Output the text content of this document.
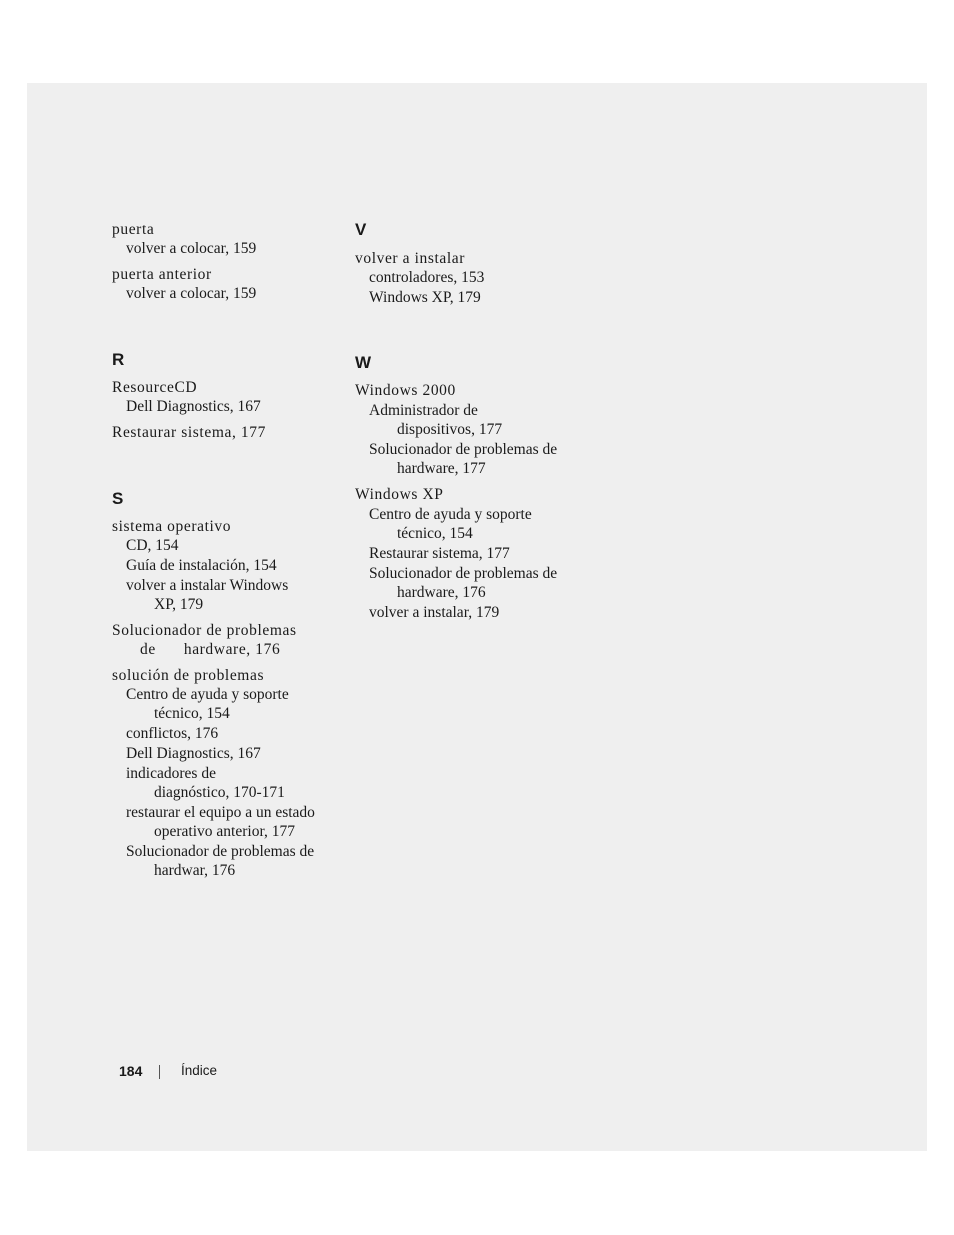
puerta

volver a colocar, 159

puerta anterior

volver a colocar, 159

R

ResourceCD

Dell Diagnostics, 167

Restaurar sistema, 177

S

sistema operativo

CD, 154

Guía de instalación, 154

volver a instalar Windows
XP, 179

Solucionador de problemas de hardware, 176

solución de problemas

Centro de ayuda y soporte
técnico, 154

conflictos, 176

Dell Diagnostics, 167

indicadores de
diagnóstico, 170-171

restaurar el equipo a un estado
operativo anterior, 177

Solucionador de problemas de
hardwar, 176

V

volver a instalar

controladores, 153

Windows XP, 179

W

Windows 2000

Administrador de
dispositivos, 177

Solucionador de problemas de
hardware, 177

Windows XP

Centro de ayuda y soporte
técnico, 154

Restaurar sistema, 177

Solucionador de problemas de
hardware, 176

volver a instalar, 179

184	Índice
